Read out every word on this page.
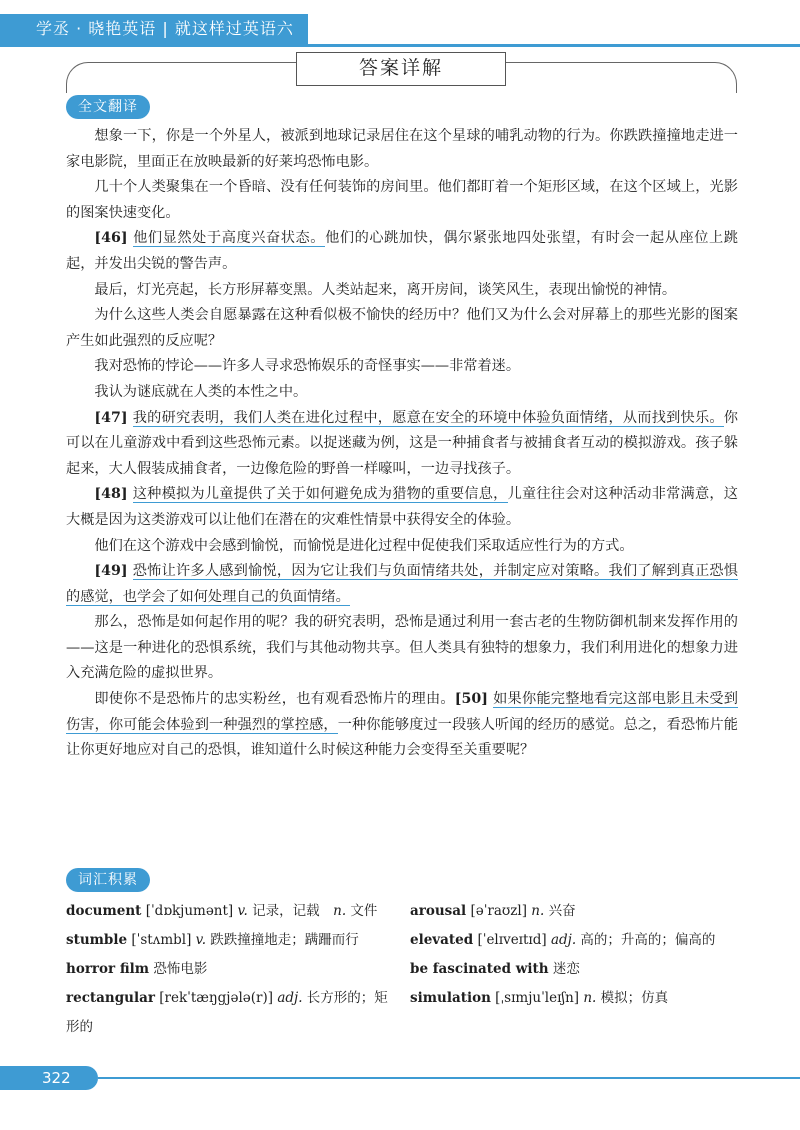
学丞 · 晓艳英语 | 就这样过英语六级	答案详解
全文翻译

想象一下，你是一个外星人，被派到地球记录居住在这个星球的哺乳动物的行为。你跌跌撞撞地走进一家电影院，里面正在放映最新的好莱坞恐怖电影。

几十个人类聚集在一个昏暗、没有任何装饰的房间里。他们都盯着一个矩形区域，在这个区域上，光影的图案快速变化。

[46] 他们显然处于高度兴奋状态。他们的心跳加快，偶尔紧张地四处张望，有时会一起从座位上跳起，并发出尖锐的警告声。

最后，灯光亮起，长方形屏幕变黑。人类站起来，离开房间，谈笑风生，表现出愉悦的神情。

为什么这些人类会自愿暴露在这种看似极不愉快的经历中？他们又为什么会对屏幕上的那些光影的图案产生如此强烈的反应呢？

我对恐怖的悖论——许多人寻求恐怖娱乐的奇怪事实——非常着迷。

我认为谜底就在人类的本性之中。

[47] 我的研究表明，我们人类在进化过程中，愿意在安全的环境中体验负面情绪，从而找到快乐。你可以在儿童游戏中看到这些恐怖元素。以捉迷藏为例，这是一种捕食者与被捕食者互动的模拟游戏。孩子躲起来，大人假装成捕食者，一边像危险的野兽一样嚎叫，一边寻找孩子。

[48] 这种模拟为儿童提供了关于如何避免成为猎物的重要信息，儿童往往会对这种活动非常满意，这大概是因为这类游戏可以让他们在潜在的灾难性情景中获得安全的体验。

他们在这个游戏中会感到愉悦，而愉悦是进化过程中促使我们采取适应性行为的方式。

[49] 恐怖让许多人感到愉悦，因为它让我们与负面情绪共处，并制定应对策略。我们了解到真正恐惧的感觉，也学会了如何处理自己的负面情绪。

那么，恐怖是如何起作用的呢？我的研究表明，恐怖是通过利用一套古老的生物防御机制来发挥作用的——这是一种进化的恐惧系统，我们与其他动物共享。但人类具有独特的想象力，我们利用进化的想象力进入充满危险的虚拟世界。

即使你不是恐怖片的忠实粉丝，也有观看恐怖片的理由。[50] 如果你能完整地看完这部电影且未受到伤害，你可能会体验到一种强烈的掌控感，一种你能够度过一段骇人听闻的经历的感觉。总之，看恐怖片能让你更好地应对自己的恐惧，谁知道什么时候这种能力会变得至关重要呢？

词汇积累
document [ˈdɒkjumənt] v. 记录，记载　n. 文件
stumble [ˈstʌmbl] v. 跌跌撞撞地走；蹒跚而行
horror film 恐怖电影
rectangular [rekˈtæŋgjələ(r)] adj. 长方形的；矩形的
arousal [əˈraʊzl] n. 兴奋
elevated [ˈelɪveɪtɪd] adj. 高的；升高的；偏高的
be fascinated with 迷恋
simulation [ˌsɪmjuˈleɪʃn] n. 模拟；仿真
322
